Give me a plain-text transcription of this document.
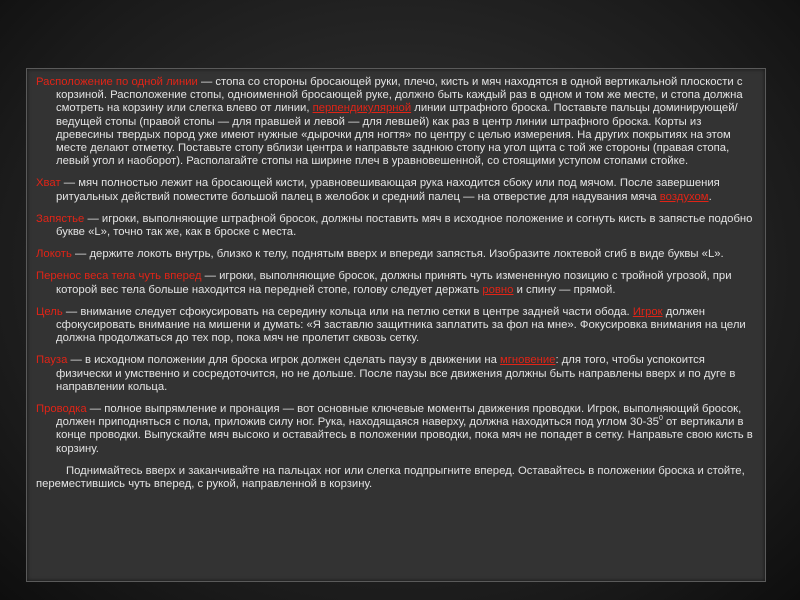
Расположение по одной линии — стопа со стороны бросающей руки, плечо, кисть и мяч находятся в одной вертикальной плоскости с корзиной. Расположение стопы, одноименной бросающей руке, должно быть каждый раз в одном и том же месте, и стопа должна смотреть на корзину или слегка влево от линии, перпендикулярной линии штрафного броска. Поставьте пальцы доминирующей/ведущей стопы (правой стопы — для правшей и левой — для левшей) как раз в центр линии штрафного броска. Корты из древесины твердых пород уже имеют нужные «дырочки для ногтя» по центру с целью измерения. На других покрытиях на этом месте делают отметку. Поставьте стопу вблизи центра и направьте заднюю стопу на угол щита с той же стороны (правая стопа, левый угол и наоборот). Располагайте стопы на ширине плеч в уравновешенной, со стоящими уступом стопами стойке.

Хват — мяч полностью лежит на бросающей кисти, уравновешивающая рука находится сбоку или под мячом. После завершения ритуальных действий поместите большой палец в желобок и средний палец — на отверстие для надувания мяча воздухом.

Запястье — игроки, выполняющие штрафной бросок, должны поставить мяч в исходное положение и согнуть кисть в запястье подобно букве «L», точно так же, как в броске с места.

Локоть — держите локоть внутрь, близко к телу, поднятым вверх и впереди запястья. Изобразите локтевой сгиб в виде буквы «L».

Перенос веса тела чуть вперед — игроки, выполняющие бросок, должны принять чуть измененную позицию с тройной угрозой, при которой вес тела больше находится на передней стопе, голову следует держать ровно и спину — прямой.

Цель — внимание следует сфокусировать на середину кольца или на петлю сетки в центре задней части обода. Игрок должен сфокусировать внимание на мишени и думать: «Я заставлю защитника заплатить за фол на мне». Фокусировка внимания на цели должна продолжаться до тех пор, пока мяч не пролетит сквозь сетку.

Пауза — в исходном положении для броска игрок должен сделать паузу в движении на мгновение: для того, чтобы успокоится физически и умственно и сосредоточится, но не дольше. После паузы все движения должны быть направлены вверх и по дуге в направлении кольца.

Проводка — полное выпрямление и пронация — вот основные ключевые моменты движения проводки. Игрок, выполняющий бросок, должен приподняться с пола, приложив силу ног. Рука, находящаяся наверху, должна находиться под углом $30-35^0$ от вертикали в конце проводки. Выпускайте мяч высоко и оставайтесь в положении проводки, пока мяч не попадет в сетку. Направьте свою кисть в корзину.

Поднимайтесь вверх и заканчивайте на пальцах ног или слегка подпрыгните вперед. Оставайтесь в положении броска и стойте, переместившись чуть вперед, с рукой, направленной в корзину.
